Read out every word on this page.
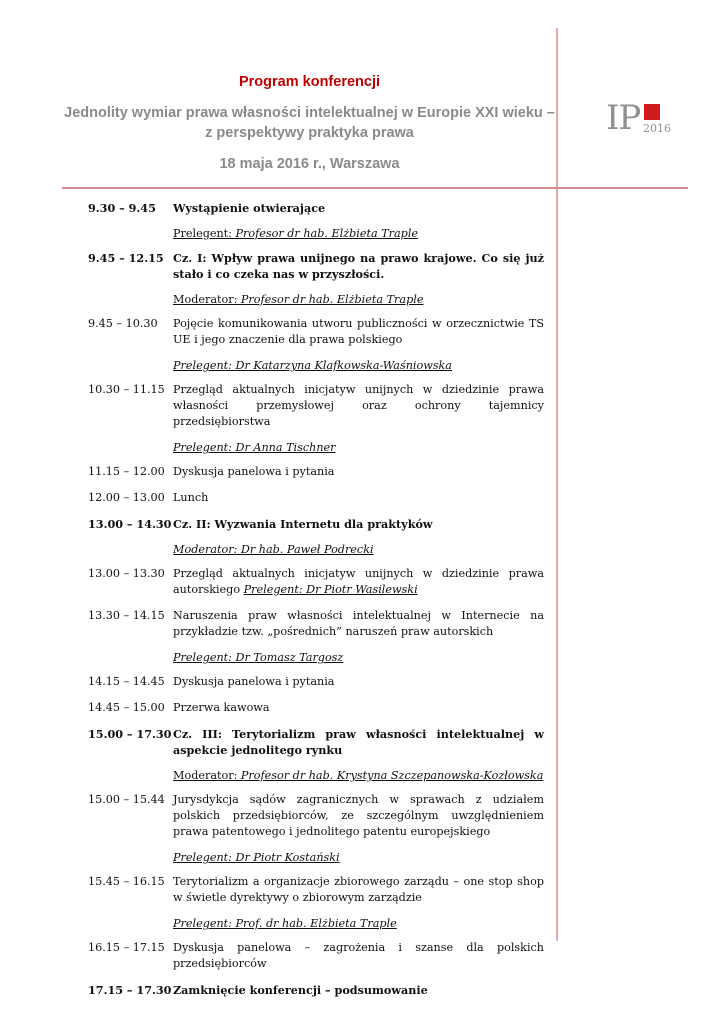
Program konferencji
Jednolity wymiar prawa własności intelektualnej w Europie XXI wieku –
z perspektywy praktyka prawa
18 maja 2016 r., Warszawa
IP 2016
9.30 – 9.45	Wystąpienie otwierające
Prelegent: Profesor dr hab. Elżbieta Traple
9.45 – 12.15 Cz. I: Wpływ prawa unijnego na prawo krajowe. Co się już stało i co czeka nas w przyszłości.
Moderator: Profesor dr hab. Elżbieta Traple
9.45 – 10.30	Pojęcie komunikowania utworu publiczności w orzecznictwie TS UE i jego znaczenie dla prawa polskiego
Prelegent: Dr Katarzyna Klafkowska-Waśniowska
10.30 – 11.15 Przegląd aktualnych inicjatyw unijnych w dziedzinie prawa własności przemysłowej oraz ochrony tajemnicy przedsiębiorstwa
Prelegent: Dr Anna Tischner
11.15 – 12.00 Dyskusja panelowa i pytania
12.00 – 13.00 Lunch
13.00 – 14.30 Cz. II: Wyzwania Internetu dla praktyków
Moderator: Dr hab. Paweł Podrecki
13.00 – 13.30 Przegląd aktualnych inicjatyw unijnych w dziedzinie prawa autorskiego Prelegent: Dr Piotr Wasilewski
13.30 – 14.15 Naruszenia praw własności intelektualnej w Internecie na przykładzie tzw. „pośrednich” naruszeń praw autorskich
Prelegent: Dr Tomasz Targosz
14.15 – 14.45 Dyskusja panelowa i pytania
14.45 – 15.00 Przerwa kawowa
15.00 – 17.30 Cz. III: Terytorializm praw własności intelektualnej w aspekcie jednolitego rynku
Moderator: Profesor dr hab. Krystyna Szczepanowska-Kozłowska
15.00 – 15.44 Jurysdykcja sądów zagranicznych w sprawach z udziałem polskich przedsiębiorców, ze szczególnym uwzględnieniem prawa patentowego i jednolitego patentu europejskiego
Prelegent: Dr Piotr Kostański
15.45 – 16.15 Terytorializm a organizacje zbiorowego zarządu – one stop shop w świetle dyrektywy o zbiorowym zarządzie
Prelegent: Prof. dr hab. Elżbieta Traple
16.15 – 17.15 Dyskusja panelowa – zagrożenia i szanse dla polskich przedsiębiorców
17.15 – 17.30 Zamknięcie konferencji – podsumowanie
